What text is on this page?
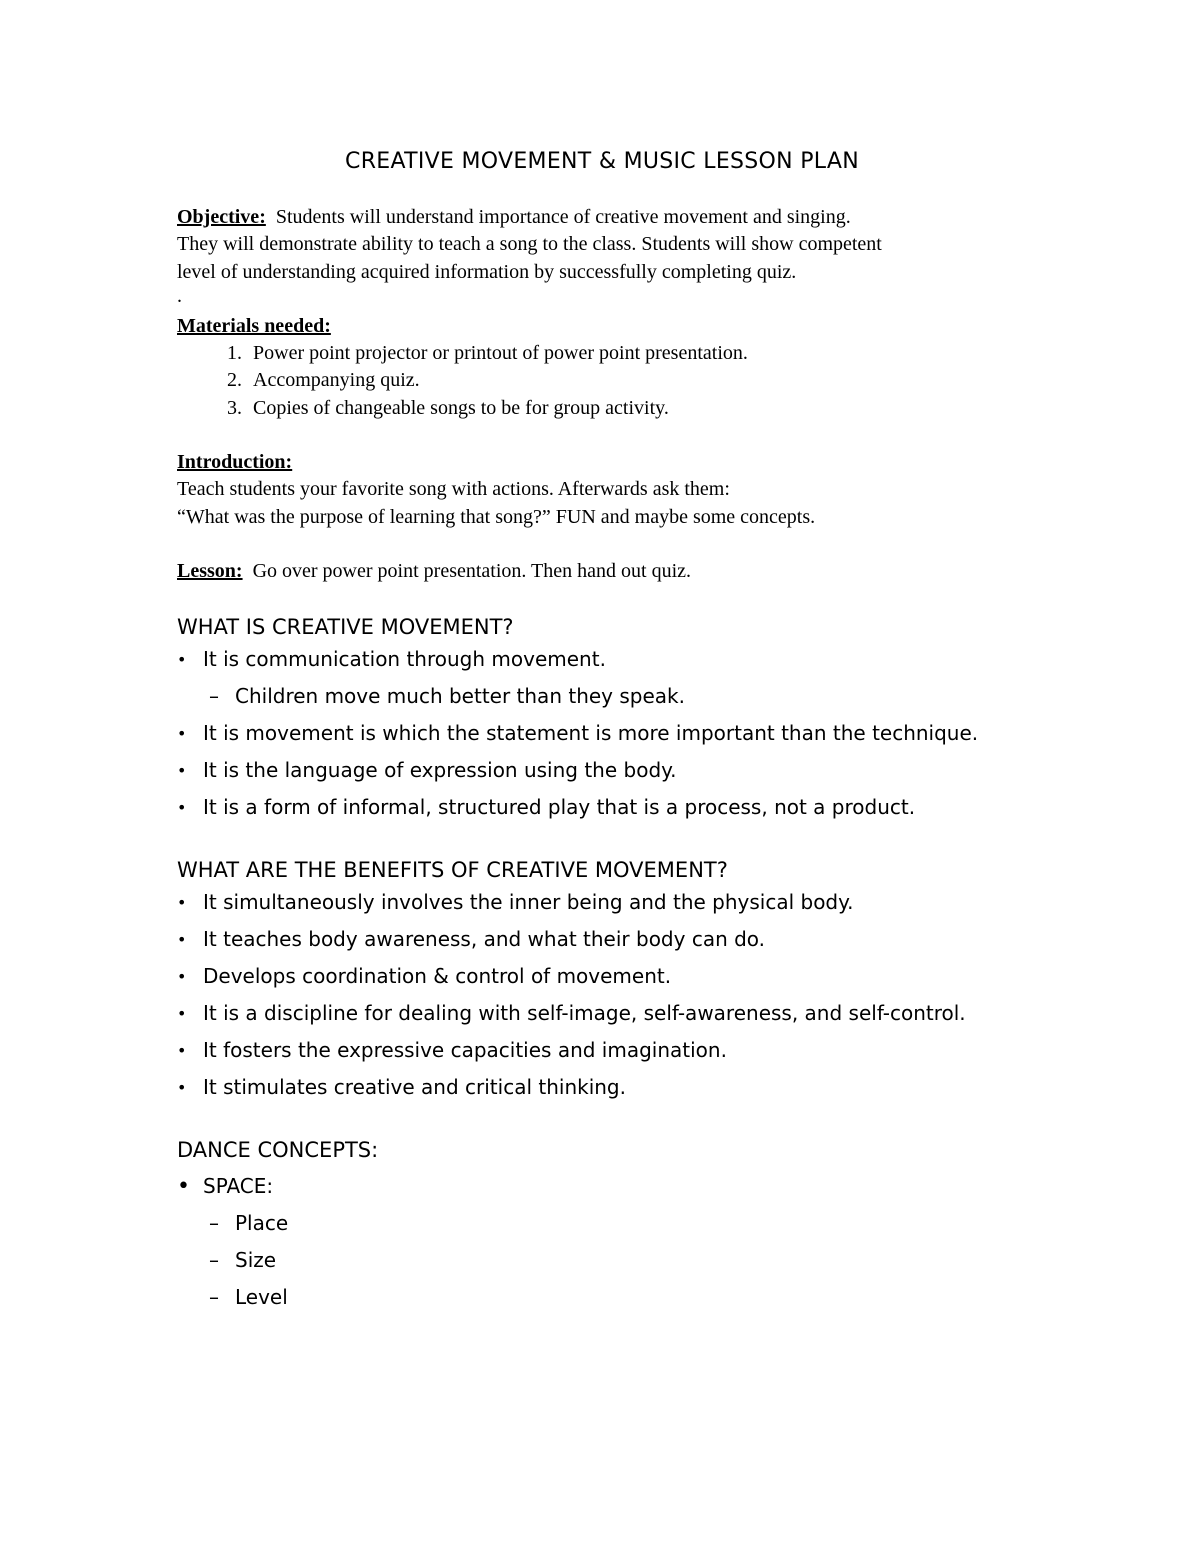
CREATIVE MOVEMENT & MUSIC LESSON PLAN
Objective: Students will understand importance of creative movement and singing.
They will demonstrate ability to teach a song to the class. Students will show competent
level of understanding acquired information by successfully completing quiz.
.
Materials needed:
1. Power point projector or printout of power point presentation.
2. Accompanying quiz.
3. Copies of changeable songs to be for group activity.
Introduction:
Teach students your favorite song with actions. Afterwards ask them:
“What was the purpose of learning that song?” FUN and maybe some concepts.
Lesson: Go over power point presentation. Then hand out quiz.
WHAT IS CREATIVE MOVEMENT?
• It is communication through movement.
– Children move much better than they speak.
• It is movement is which the statement is more important than the technique.
• It is the language of expression using the body.
• It is a form of informal, structured play that is a process, not a product.
WHAT ARE THE BENEFITS OF CREATIVE MOVEMENT?
• It simultaneously involves the inner being and the physical body.
• It teaches body awareness, and what their body can do.
• Develops coordination & control of movement.
• It is a discipline for dealing with self-image, self-awareness, and self-control.
• It fosters the expressive capacities and imagination.
• It stimulates creative and critical thinking.
DANCE CONCEPTS:
• SPACE:
– Place
– Size
– Level
